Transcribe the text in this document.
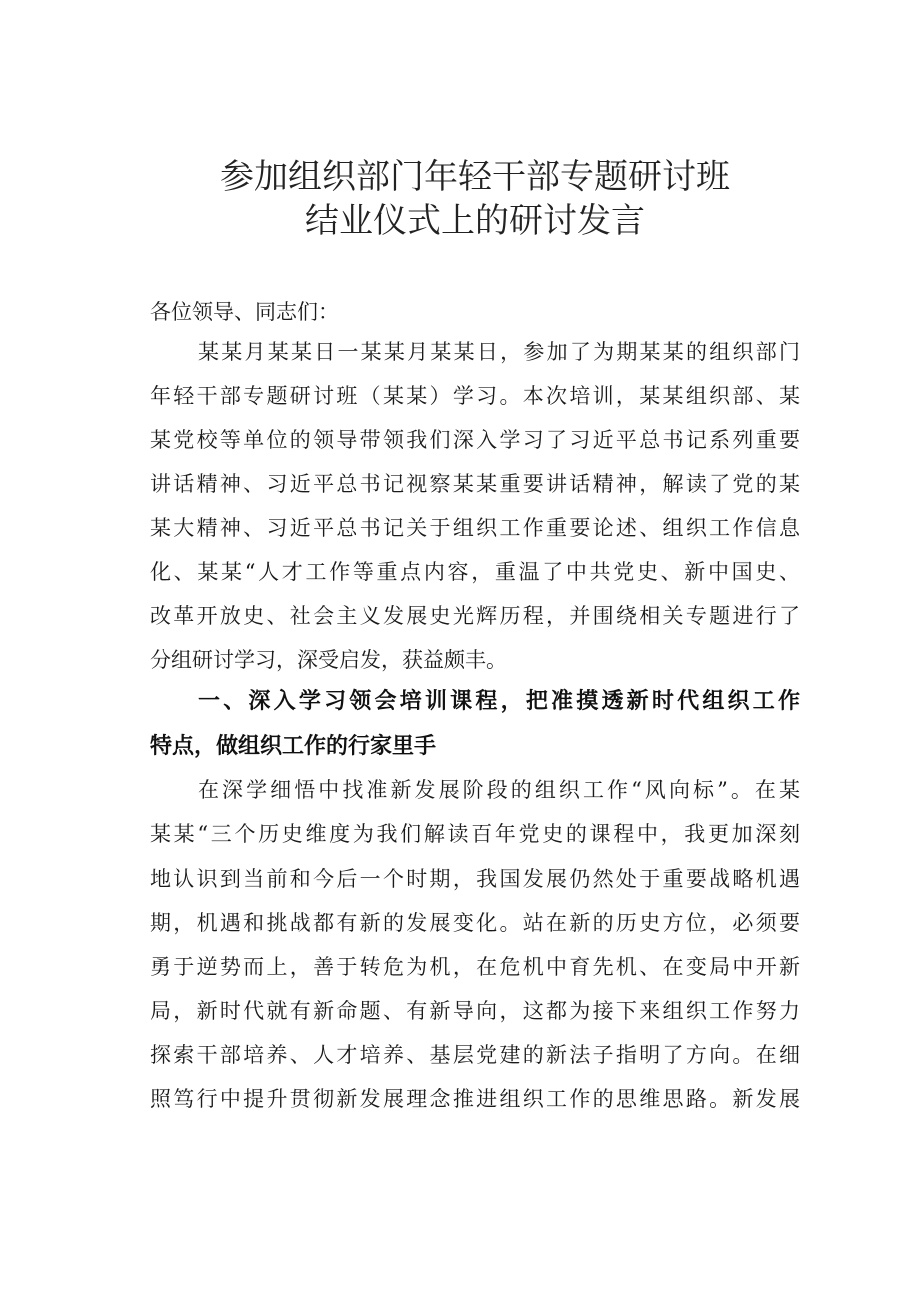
参加组织部门年轻干部专题研讨班
结业仪式上的研讨发言
各位领导、同志们：
某某月某某日一某某月某某日，参加了为期某某的组织部门
年轻干部专题研讨班（某某）学习。本次培训，某某组织部、某
某党校等单位的领导带领我们深入学习了习近平总书记系列重要
讲话精神、习近平总书记视察某某重要讲话精神，解读了党的某
某大精神、习近平总书记关于组织工作重要论述、组织工作信息
化、某某“人才工作等重点内容，重温了中共党史、新中国史、
改革开放史、社会主义发展史光辉历程，并围绕相关专题进行了
分组研讨学习，深受启发，获益颇丰。
一、深入学习领会培训课程，把准摸透新时代组织工作
特点，做组织工作的行家里手
在深学细悟中找准新发展阶段的组织工作“风向标”。在某
某某“三个历史维度为我们解读百年党史的课程中，我更加深刻
地认识到当前和今后一个时期，我国发展仍然处于重要战略机遇
期，机遇和挑战都有新的发展变化。站在新的历史方位，必须要
勇于逆势而上，善于转危为机，在危机中育先机、在变局中开新
局，新时代就有新命题、有新导向，这都为接下来组织工作努力
探索干部培养、人才培养、基层党建的新法子指明了方向。在细
照笃行中提升贯彻新发展理念推进组织工作的思维思路。新发展
